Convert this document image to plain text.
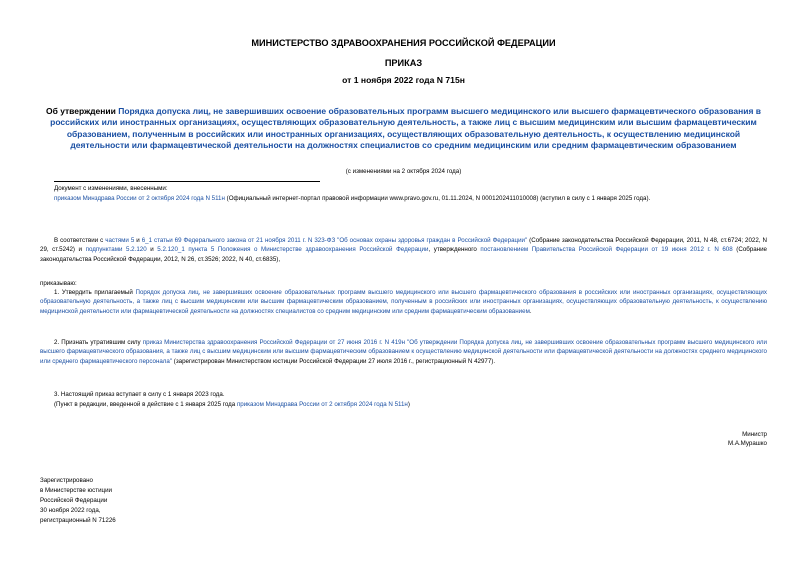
МИНИСТЕРСТВО ЗДРАВООХРАНЕНИЯ РОССИЙСКОЙ ФЕДЕРАЦИИ
ПРИКАЗ
от 1 ноября 2022 года N 715н
Об утверждении Порядка допуска лиц, не завершивших освоение образовательных программ высшего медицинского или высшего фармацевтического образования в российских или иностранных организациях, осуществляющих образовательную деятельность, а также лиц с высшим медицинским или высшим фармацевтическим образованием, полученным в российских или иностранных организациях, осуществляющих образовательную деятельность, к осуществлению медицинской деятельности или фармацевтической деятельности на должностях специалистов со средним медицинским или средним фармацевтическим образованием
(с изменениями на 2 октября 2024 года)
Документ с изменениями, внесенными:
приказом Минздрава России от 2 октября 2024 года N 511н (Официальный интернет-портал правовой информации www.pravo.gov.ru, 01.11.2024, N 0001202411010008) (вступил в силу с 1 января 2025 года).
В соответствии с частями 5 и 6_1 статьи 69 Федерального закона от 21 ноября 2011 г. N 323-ФЗ "Об основах охраны здоровья граждан в Российской Федерации" (Собрание законодательства Российской Федерации, 2011, N 48, ст.6724; 2022, N 29, ст.5242) и подпунктами 5.2.120 и 5.2.120_1 пункта 5 Положения о Министерстве здравоохранения Российской Федерации, утвержденного постановлением Правительства Российской Федерации от 19 июня 2012 г. N 608 (Собрание законодательства Российской Федерации, 2012, N 26, ст.3526; 2022, N 40, ст.6835),
приказываю:
1. Утвердить прилагаемый Порядок допуска лиц, не завершивших освоение образовательных программ высшего медицинского или высшего фармацевтического образования в российских или иностранных организациях, осуществляющих образовательную деятельность, а также лиц с высшим медицинским или высшим фармацевтическим образованием, полученным в российских или иностранных организациях, осуществляющих образовательную деятельность, к осуществлению медицинской деятельности или фармацевтической деятельности на должностях специалистов со средним медицинским или средним фармацевтическим образованием.
2. Признать утратившим силу приказ Министерства здравоохранения Российской Федерации от 27 июня 2016 г. N 419н "Об утверждении Порядка допуска лиц, не завершивших освоение образовательных программ высшего медицинского или высшего фармацевтического образования, а также лиц с высшим медицинским или высшим фармацевтическим образованием к осуществлению медицинской деятельности или фармацевтической деятельности на должностях среднего медицинского или среднего фармацевтического персонала" (зарегистрирован Министерством юстиции Российской Федерации 27 июля 2016 г., регистрационный N 42977).
3. Настоящий приказ вступает в силу с 1 января 2023 года.
(Пункт в редакции, введенной в действие с 1 января 2025 года приказом Минздрава России от 2 октября 2024 года N 511н)
Министр
М.А.Мурашко
Зарегистрировано
в Министерстве юстиции
Российской Федерации
30 ноября 2022 года,
регистрационный N 71226
